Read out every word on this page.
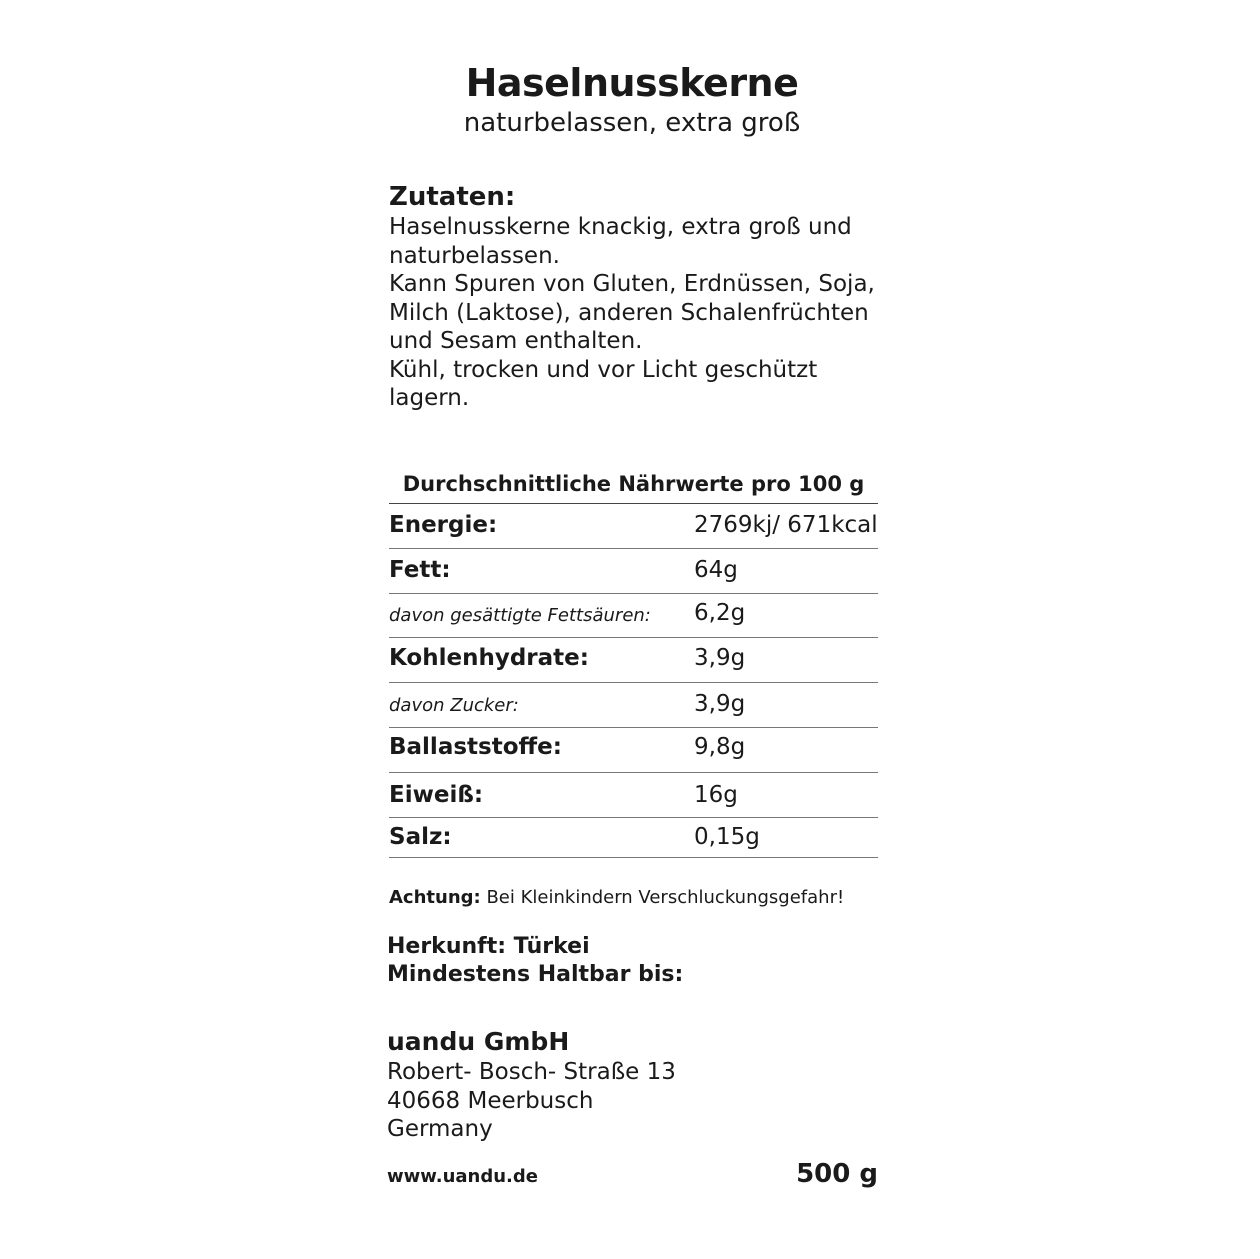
Haselnusskerne
naturbelassen, extra groß
Zutaten:
Haselnusskerne knackig, extra groß und
naturbelassen.
Kann Spuren von Gluten, Erdnüssen, Soja,
Milch (Laktose), anderen Schalenfrüchten
und Sesam enthalten.
Kühl, trocken und vor Licht geschützt
lagern.
Durchschnittliche Nährwerte pro 100 g
Energie:	2769kj/ 671kcal
Fett:	64g
davon gesättigte Fettsäuren: 6,2g
Kohlenhydrate:	3,9g
davon Zucker:	3,9g
Ballaststoffe:	9,8g
Eiweiß:	16g
Salz:	0,15g
Achtung: Bei Kleinkindern Verschluckungsgefahr!
Herkunft: Türkei
Mindestens Haltbar bis:
uandu GmbH
Robert- Bosch- Straße 13
40668 Meerbusch
Germany
www.uandu.de	500 g
